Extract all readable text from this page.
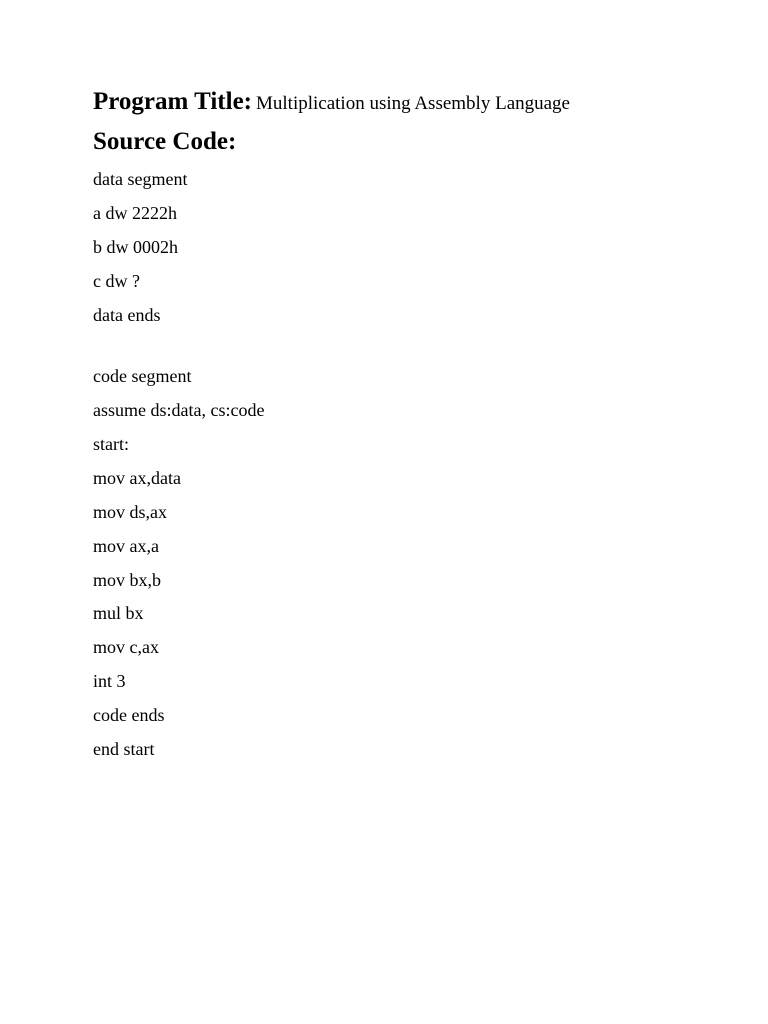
Program Title: Multiplication using Assembly Language
Source Code:
data segment
a dw 2222h
b dw 0002h
c dw ?
data ends
code segment
assume ds:data, cs:code
start:
mov ax,data
mov ds,ax
mov ax,a
mov bx,b
mul bx
mov c,ax
int 3
code ends
end start
